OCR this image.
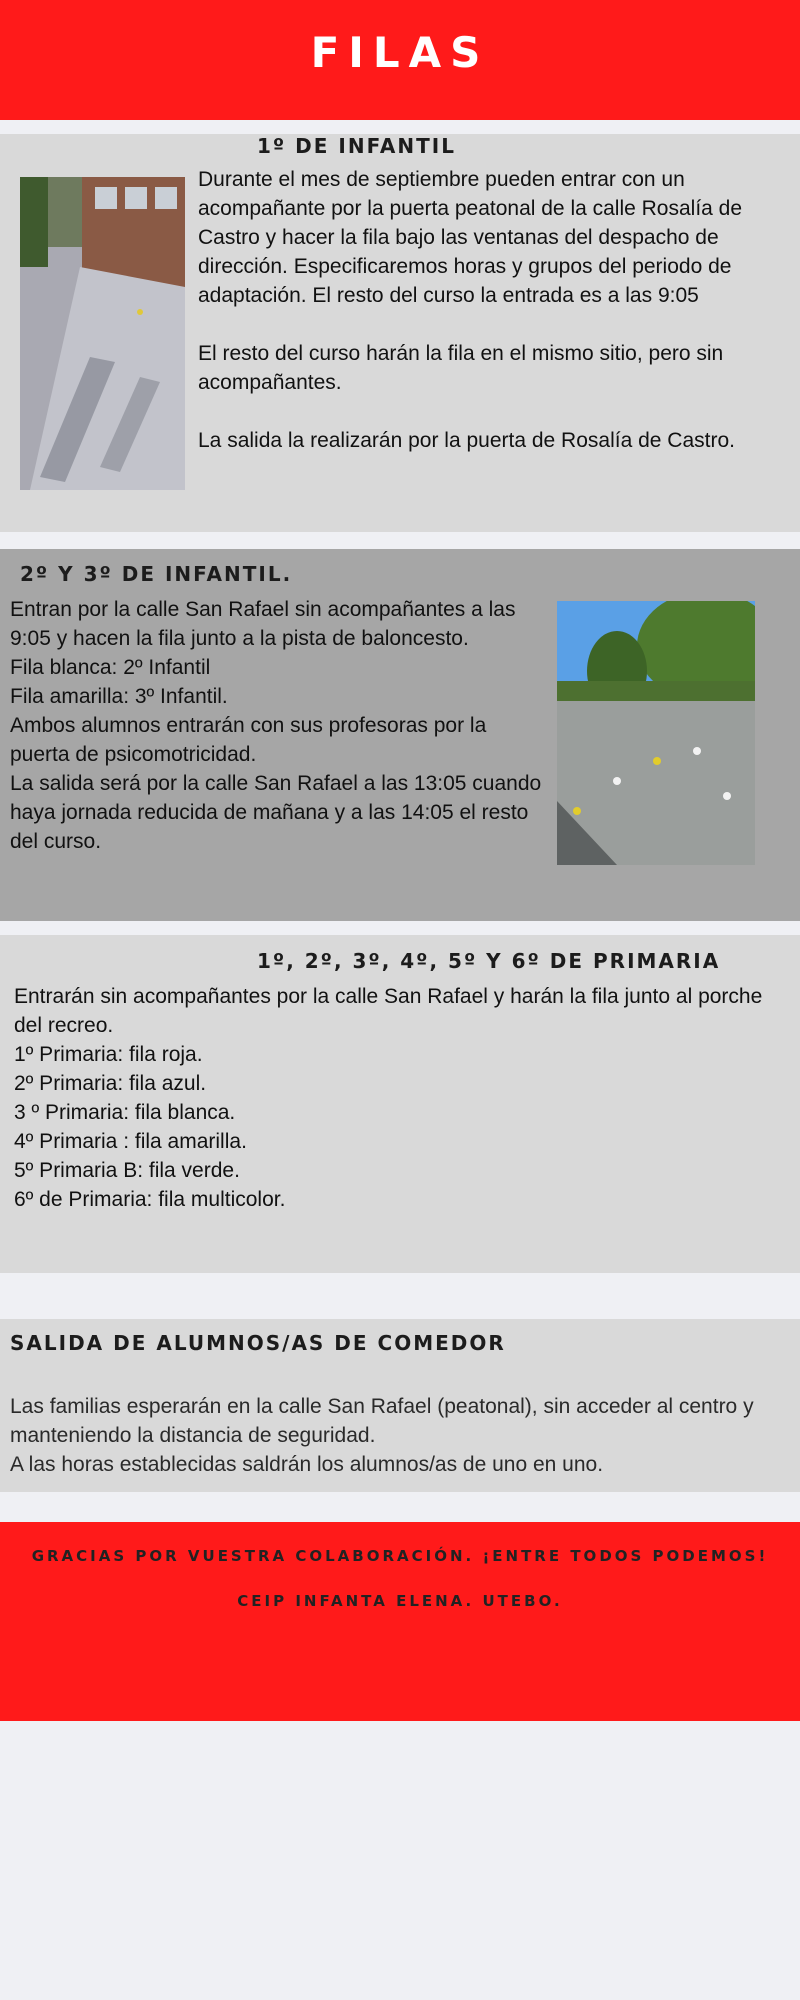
FILAS
1º DE INFANTIL

Durante el mes de septiembre pueden entrar con un acompañante por la puerta peatonal de la calle Rosalía de Castro y hacer la fila bajo las ventanas del despacho de dirección. Especificaremos horas y grupos del periodo de adaptación. El resto del curso la entrada es a las 9:05

El resto del curso harán la fila en el mismo sitio, pero sin acompañantes.

La salida la realizarán por la puerta de Rosalía de Castro.

2º Y 3º DE INFANTIL.

Entran por la calle San Rafael sin acompañantes a las 9:05 y hacen la fila junto a la pista de baloncesto.

Fila blanca: 2º Infantil

Fila amarilla: 3º Infantil.

Ambos alumnos entrarán con sus profesoras por la puerta de psicomotricidad.

La salida será por la calle San Rafael a las 13:05 cuando haya jornada reducida de mañana y a las 14:05 el resto del curso.

1º, 2º, 3º, 4º, 5º Y 6º DE PRIMARIA

Entrarán sin acompañantes por la calle San Rafael y harán la fila junto al porche del recreo.

1º Primaria: fila roja.

2º Primaria: fila azul.

3 º Primaria: fila blanca.

4º Primaria : fila amarilla.

5º Primaria B: fila verde.

6º de Primaria: fila multicolor.

SALIDA DE ALUMNOS/AS DE COMEDOR

Las familias esperarán en la calle San Rafael (peatonal), sin acceder al centro y manteniendo la distancia de seguridad.

A las horas establecidas saldrán los alumnos/as de uno en uno.

GRACIAS POR VUESTRA COLABORACIÓN. ¡ENTRE TODOS PODEMOS!

CEIP INFANTA ELENA. UTEBO.
